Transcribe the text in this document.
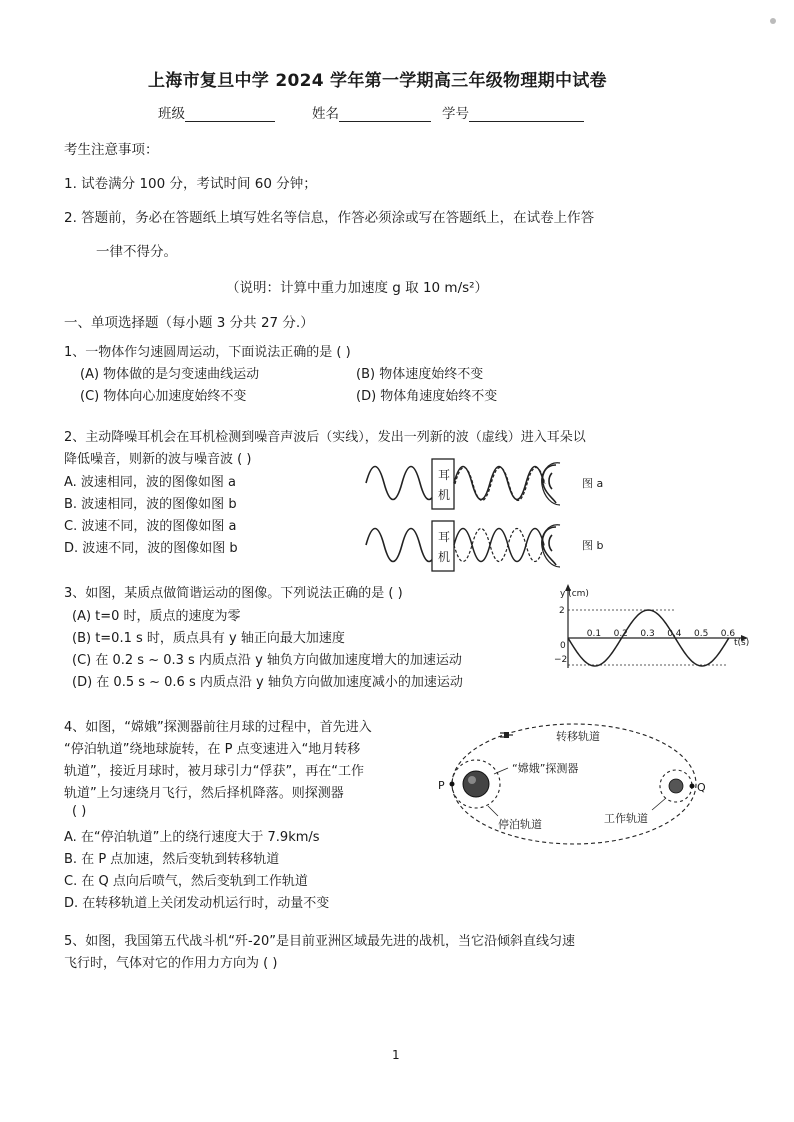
上海市复旦中学 2024 学年第一学期高三年级物理期中试卷
班级	姓名	学号
考生注意事项：
1. 试卷满分 100 分，考试时间 60 分钟；
2. 答题前，务必在答题纸上填写姓名等信息，作答必须涂或写在答题纸上，在试卷上作答
一律不得分。
（说明：计算中重力加速度 g 取 10 m/s²）
一、单项选择题（每小题 3 分共 27 分.）
1、一物体作匀速圆周运动，下面说法正确的是 ( )
(A) 物体做的是匀变速曲线运动	(B) 物体速度始终不变
(C) 物体向心加速度始终不变	(D) 物体角速度始终不变
2、主动降噪耳机会在耳机检测到噪音声波后（实线），发出一列新的波（虚线）进入耳朵以
降低噪音，则新的波与噪音波 ( )
A. 波速相同，波的图像如图 a
B. 波速相同，波的图像如图 b
C. 波速不同，波的图像如图 a
D. 波速不同，波的图像如图 b
耳
机
图 a
耳
机
图 b
3、如图，某质点做简谐运动的图像。下列说法正确的是 ( )
(A) t=0 时，质点的速度为零
(B) t=0.1 s 时，质点具有 y 轴正向最大加速度
(C) 在 0.2 s ~ 0.3 s 内质点沿 y 轴负方向做加速度增大的加速运动
(D) 在 0.5 s ~ 0.6 s 内质点沿 y 轴负方向做加速度减小的加速运动
y (cm)
t(s)
2
−2
0
0.1 0.2 0.3 0.4 0.5 0.6
4、如图，“嫦娥”探测器前往月球的过程中，首先进入
“停泊轨道”绕地球旋转，在 P 点变速进入“地月转移
轨道”，接近月球时，被月球引力“俘获”，再在“工作
轨道”上匀速绕月飞行，然后择机降落。则探测器
( )
A. 在“停泊轨道”上的绕行速度大于 7.9km/s
B. 在 P 点加速，然后变轨到转移轨道
C. 在 Q 点向后喷气，然后变轨到工作轨道
D. 在转移轨道上关闭发动机运行时，动量不变
P	Q
转移轨道
“嫦娥”探测器
停泊轨道	工作轨道
5、如图，我国第五代战斗机“歼-20”是目前亚洲区域最先进的战机，当它沿倾斜直线匀速
飞行时，气体对它的作用力方向为 ( )
1
